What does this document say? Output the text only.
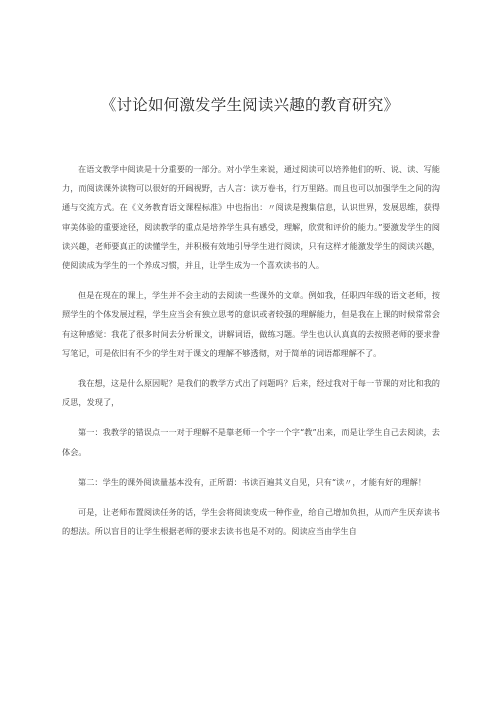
《讨论如何激发学生阅读兴趣的教育研究》

在语文教学中阅读是十分重要的一部分。对小学生来说，通过阅读可以培养他们的听、说、读、写能力，而阅读课外读物可以很好的开阔视野，古人言：读万卷书，行万里路。而且也可以加强学生之间的沟通与交流方式。在《义务教育语文课程标准》中也指出：〃阅读是搜集信息，认识世界，发展思维，获得审美体验的重要途径，阅读教学的重点是培养学生具有感受，理解，欣赏和评价的能力。”要激发学生的阅读兴趣，老师要真正的读懂学生，并积极有效地引导学生进行阅读，只有这样才能激发学生的阅读兴趣，使阅读成为学生的一个养成习惯，并且，让学生成为一个喜欢读书的人。

但是在现在的课上，学生并不会主动的去阅读一些课外的文章。例如我，任职四年级的语文老师，按照学生的个体发展过程，学生应当会有独立思考的意识或者较强的理解能力，但是我在上课的时候常常会有这种感觉：我花了很多时间去分析课文，讲解词语，做练习题。学生也认认真真的去按照老师的要求誊写笔记，可是依旧有不少的学生对于课文的理解不够透彻，对于简单的词语都理解不了。

我在想，这是什么原因呢？是我们的教学方式出了问题吗？后来，经过我对于每一节课的对比和我的反思，发现了，

第一：我教学的错误点一一对于理解不是靠老师一个字一个字“教”出来，而是让学生自己去阅读，去体会。

第二：学生的课外阅读量基本没有，正所谓：书读百遍其义自见，只有“读〃，才能有好的理解！

可是，让老师布置阅读任务的话，学生会将阅读变成一种作业，给自己增加负担，从而产生厌弃读书的想法。所以盲目的让学生根据老师的要求去读书也是不对的。阅读应当由学生自
